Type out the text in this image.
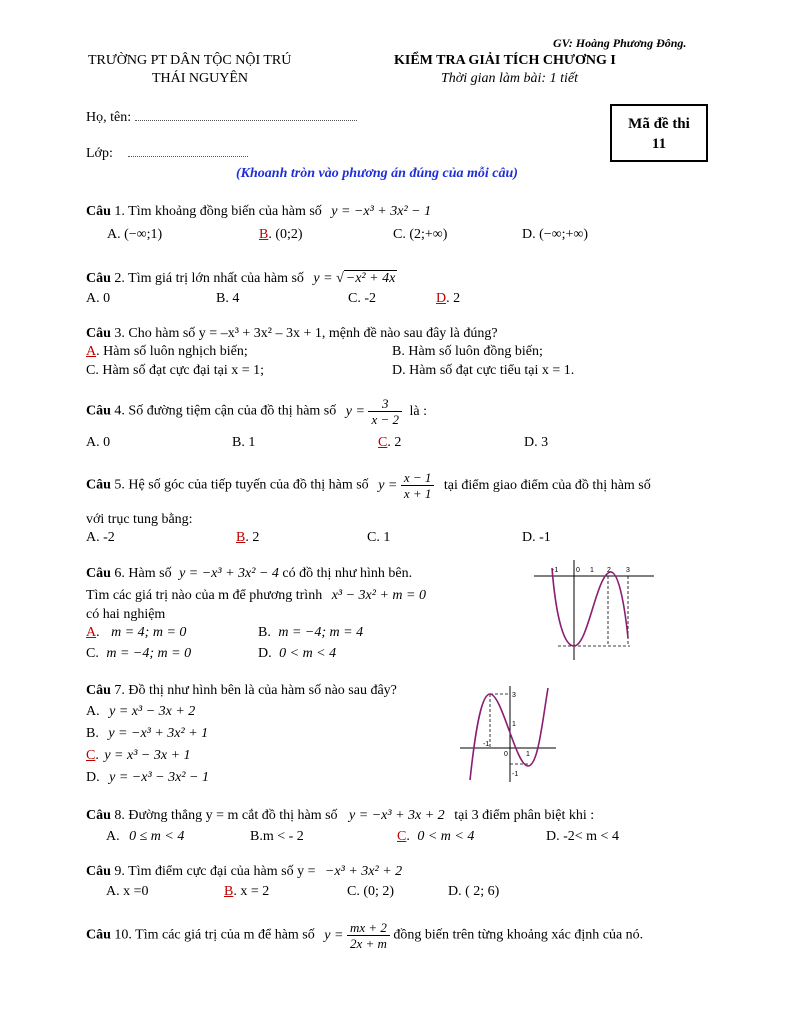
GV: Hoàng Phương Đông.
TRƯỜNG PT DÂN TỘC NỘI TRÚ
THÁI NGUYÊN
KIỂM TRA GIẢI TÍCH CHƯƠNG I
Thời gian làm bài: 1 tiết
Họ, tên:
Lớp:
Mã đề thi
11
(Khoanh tròn vào phương án đúng của mỗi câu)
Câu 1. Tìm khoảng đồng biến của hàm số y = −x³ + 3x² − 1
A. (−∞;1)	B. (0;2)	C. (2;+∞)	D. (−∞;+∞)
Câu 2. Tìm giá trị lớn nhất của hàm số y = √ −x² + 4x
A. 0	B. 4	C. -2	D. 2
Câu 3. Cho hàm số y = –x³ + 3x² – 3x + 1, mệnh đề nào sau đây là đúng?
A. Hàm số luôn nghịch biến;	B. Hàm số luôn đồng biến;
C. Hàm số đạt cực đại tại x = 1;	D. Hàm số đạt cực tiểu tại x = 1.
Câu 4. Số đường tiệm cận của đồ thị hàm số $y = \frac{3}{x - 2}$ là :
A. 0	B. 1	C. 2	D. 3
Câu 5. Hệ số góc của tiếp tuyến của đồ thị hàm số $y = \frac{x - 1}{x + 1}$ tại điểm giao điểm của đồ thị hàm số
với trục tung bằng:
A. -2	B. 2	C. 1	D. -1
Câu 6. Hàm số y = −x³ + 3x² − 4 có đồ thị như hình bên.
Tìm các giá trị nào của m để phương trình x³ − 3x² + m = 0
có hai nghiệm
A. m = 4; m = 0	B. m = −4; m = 4
C. m = −4; m = 0	D. 0 < m < 4
-1	0 1 2 3
Câu 7. Đồ thị như hình bên là của hàm số nào sau đây?
A. y = x³ − 3x + 2
B. y = −x³ + 3x² + 1
C. y = x³ − 3x + 1
D. y = −x³ − 3x² − 1
3
1
-1
0	1
-1
Câu 8. Đường thẳng y = m cắt đồ thị hàm số y = −x³ + 3x + 2 tại 3 điểm phân biệt khi :
A. 0 ≤ m < 4	B.m < - 2	C. 0 < m < 4	D. -2< m < 4
Câu 9. Tìm điểm cực đại của hàm số y = −x³ + 3x² + 2
A. x =0	B. x = 2	C. (0; 2)	D. ( 2; 6)
Câu 10. Tìm các giá trị của m để hàm số $y = \frac{mx + 2}{2x + m}$ đồng biến trên từng khoảng xác định của nó.
